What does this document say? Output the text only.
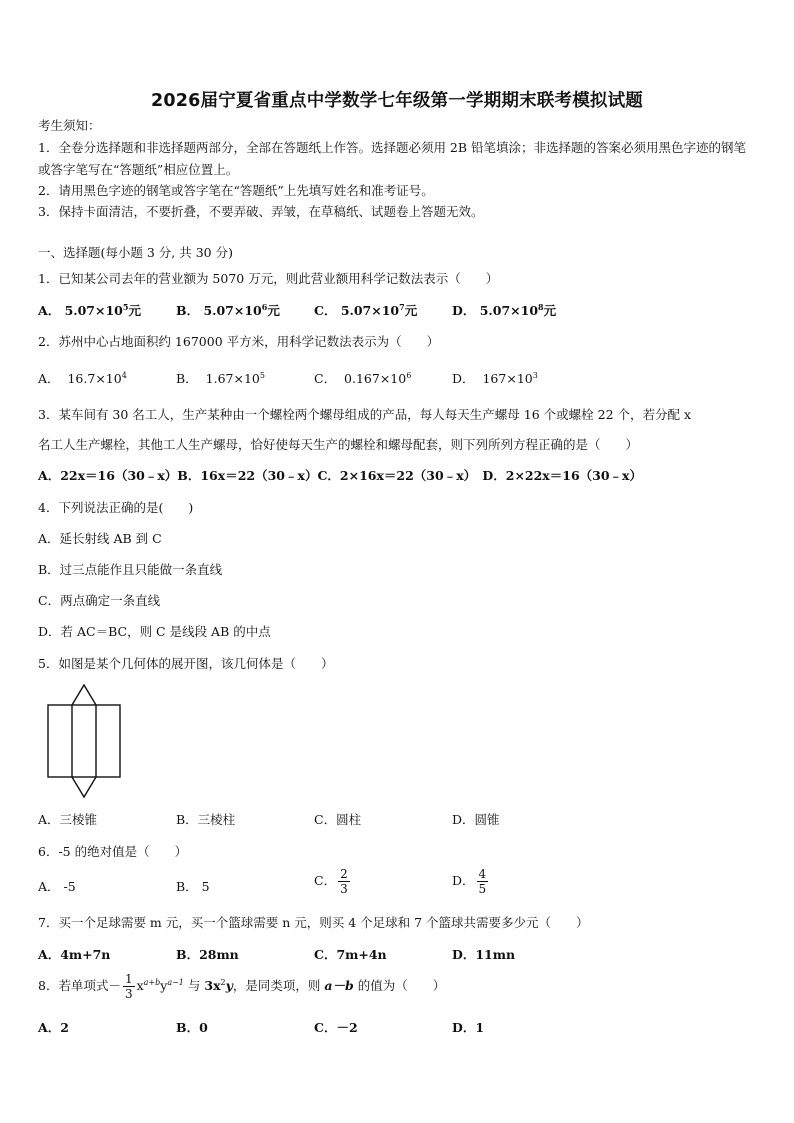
2026届宁夏省重点中学数学七年级第一学期期末联考模拟试题
考生须知：
1．全卷分选择题和非选择题两部分，全部在答题纸上作答。选择题必须用 2B 铅笔填涂；非选择题的答案必须用黑色字迹的钢笔或答字笔写在“答题纸”相应位置上。
2．请用黑色字迹的钢笔或答字笔在“答题纸”上先填写姓名和准考证号。
3．保持卡面清洁，不要折叠，不要弄破、弄皱，在草稿纸、试题卷上答题无效。
一、选择题(每小题 3 分, 共 30 分)
1．已知某公司去年的营业额为 5070 万元，则此营业额用科学记数法表示（　　）
A． $5.07\times 10^5$元	B． $5.07\times 10^6$元	C． $5.07\times 10^7$元	D． $5.07\times 10^8$元
2．苏州中心占地面积约 167000 平方米，用科学记数法表示为（　　）
A． $16.7\times 10^4$	B． $1.67\times 10^5$	C． $0.167\times 10^6$	D． $167\times 10^3$
3．某车间有 30 名工人，生产某种由一个螺栓两个螺母组成的产品，每人每天生产螺母 16 个或螺栓 22 个，若分配 x
名工人生产螺栓，其他工人生产螺母，恰好使每天生产的螺栓和螺母配套，则下列所列方程正确的是（　　）
A．22x＝16（30﹣x）B．16x＝22（30﹣x）C．2×16x＝22（30﹣x）　D．2×22x＝16（30﹣x）
4．下列说法正确的是(　　)
A．延长射线 AB 到 C
B．过三点能作且只能做一条直线
C．两点确定一条直线
D．若 AC＝BC，则 C 是线段 AB 的中点
5．如图是某个几何体的展开图，该几何体是（　　）
A．三棱锥	B．三棱柱	C．圆柱	D．圆锥
6．-5 的绝对值是（　　）
A． -5	B． 5	C． $\frac{2}{3}$	D． $\frac{4}{5}$
7．买一个足球需要 m 元，买一个篮球需要 n 元，则买 4 个足球和 7 个篮球共需要多少元（　　）
A．4m+7n	B．28mn	C．7m+4n	D．11mn
8．若单项式－ $\frac{1}{3} x^{a+b}y^{a-1}$ 与 $3x^2y$，是同类项，则 a－b 的值为（　　）
A．2	B．0	C．－2	D．1
